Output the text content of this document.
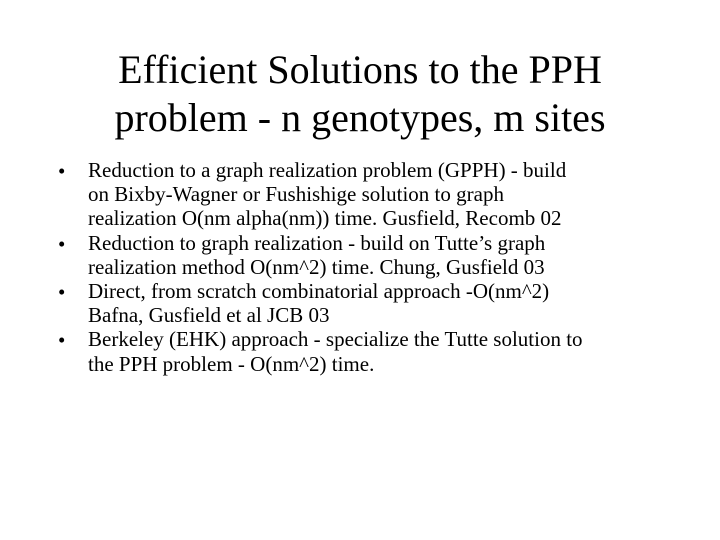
Efficient Solutions to the PPH
problem - n genotypes, m sites
• Reduction to a graph realization problem (GPPH) - build
on Bixby-Wagner or Fushishige solution to graph
realization O(nm alpha(nm)) time. Gusfield, Recomb 02
• Reduction to graph realization - build on Tutte’s graph
realization method O(nm^2) time. Chung, Gusfield 03
• Direct, from scratch combinatorial approach -O(nm^2)
Bafna, Gusfield et al JCB 03
• Berkeley (EHK) approach - specialize the Tutte solution to
the PPH problem - O(nm^2) time.
